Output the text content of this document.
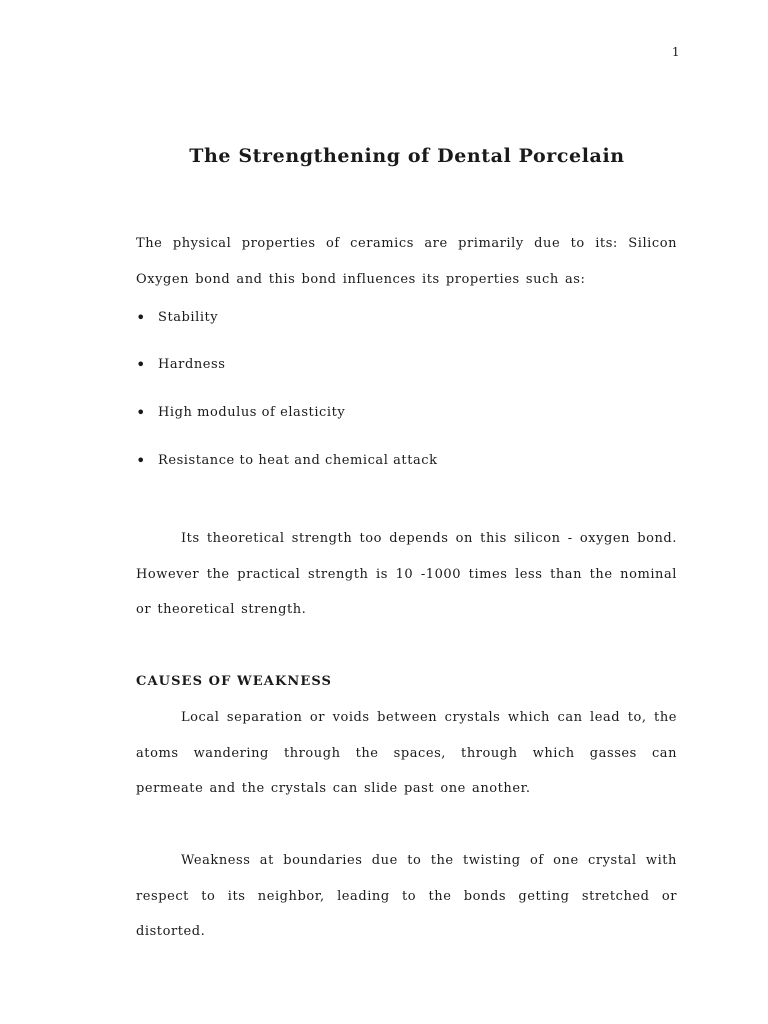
1
The Strengthening of Dental Porcelain

The physical properties of ceramics are primarily due to its: Silicon Oxygen bond and this bond influences its properties such as:

• Stability
• Hardness
• High modulus of elasticity
• Resistance to heat and chemical attack

Its theoretical strength too depends on this silicon - oxygen bond. However the practical strength is 10 -1000 times less than the nominal or theoretical strength.

CAUSES OF WEAKNESS

Local separation or voids between crystals which can lead to, the atoms wandering through the spaces, through which gasses can permeate and the crystals can slide past one another.

Weakness at boundaries due to the twisting of one crystal with respect to its neighbor, leading to the bonds getting stretched or distorted.
